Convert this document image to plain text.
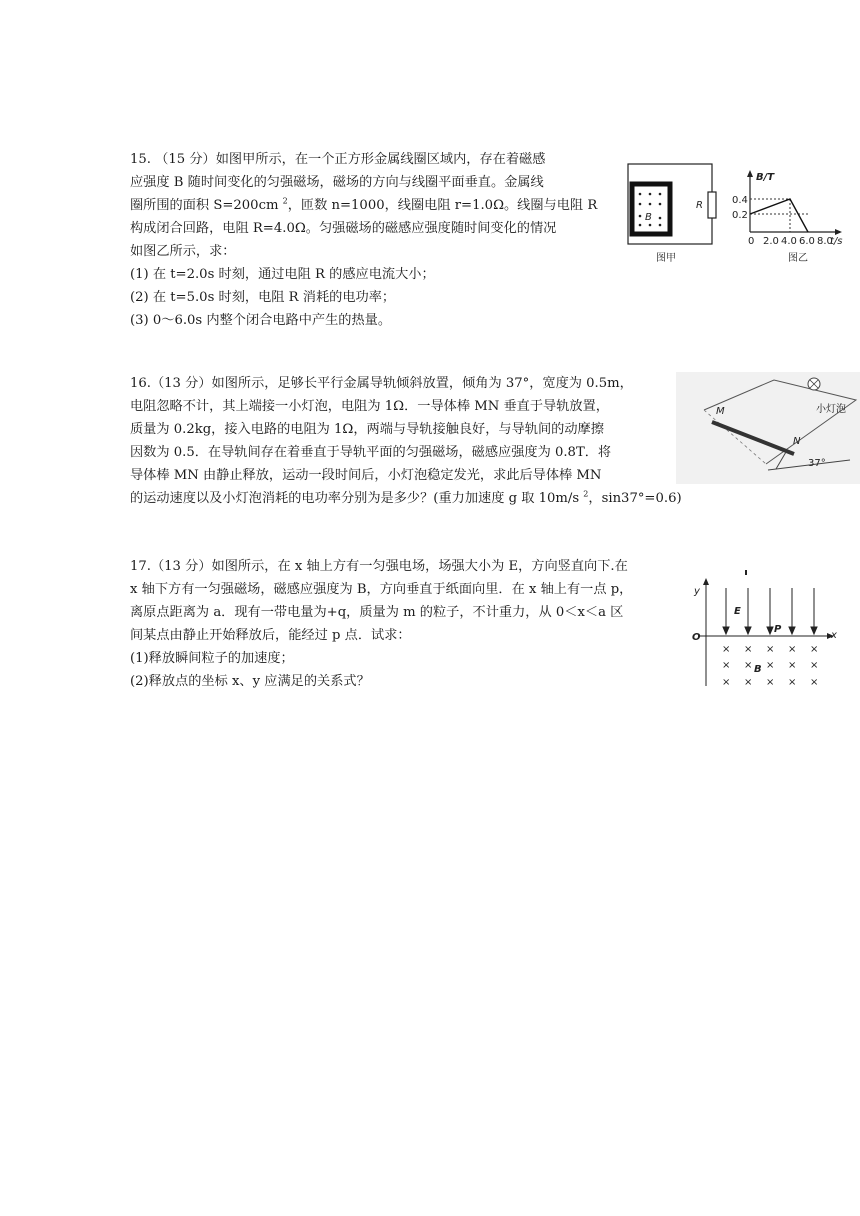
15. （15 分）如图甲所示，在一个正方形金属线圈区域内，存在着磁感
应强度 B 随时间变化的匀强磁场，磁场的方向与线圈平面垂直。金属线
圈所围的面积 S=200cm $^2$，匝数 n=1000，线圈电阻 r=1.0Ω。线圈与电阻 R
构成闭合回路，电阻 R=4.0Ω。匀强磁场的磁感应强度随时间变化的情况
如图乙所示，求：
(1) 在 t=2.0s 时刻，通过电阻 R 的感应电流大小；
(2) 在 t=5.0s 时刻，电阻 R 消耗的电功率；
(3) 0～6.0s 内整个闭合电路中产生的热量。
B
R
图甲
B/T
t/s
0.4
0.2
0 2.0 4.0 6.0 8.0
图乙
16.（13 分）如图所示，足够长平行金属导轨倾斜放置，倾角为 37°，宽度为 0.5m，
电阻忽略不计，其上端接一小灯泡，电阻为 1Ω．一导体棒 MN 垂直于导轨放置，
质量为 0.2kg，接入电路的电阻为 1Ω，两端与导轨接触良好，与导轨间的动摩擦
因数为 0.5．在导轨间存在着垂直于导轨平面的匀强磁场，磁感应强度为 0.8T．将
导体棒 MN 由静止释放，运动一段时间后，小灯泡稳定发光，求此后导体棒 MN
的运动速度以及小灯泡消耗的电功率分别为是多少？(重力加速度 g 取 10m/s $^2$，sin37°=0.6)
M
N
小灯泡
37°
17.（13 分）如图所示，在 x 轴上方有一匀强电场，场强大小为 E，方向竖直向下.在
x 轴下方有一匀强磁场，磁感应强度为 B，方向垂直于纸面向里．在 x 轴上有一点 p，
离原点距离为 a．现有一带电量为+q，质量为 m 的粒子，不计重力，从 0＜x＜a 区
间某点由静止开始释放后，能经过 p 点．试求：
(1)释放瞬间粒子的加速度；
(2)释放点的坐标 x、y 应满足的关系式？
y
x
O
E
P
× × × × ×
× × × × ×
× × × × ×
B
